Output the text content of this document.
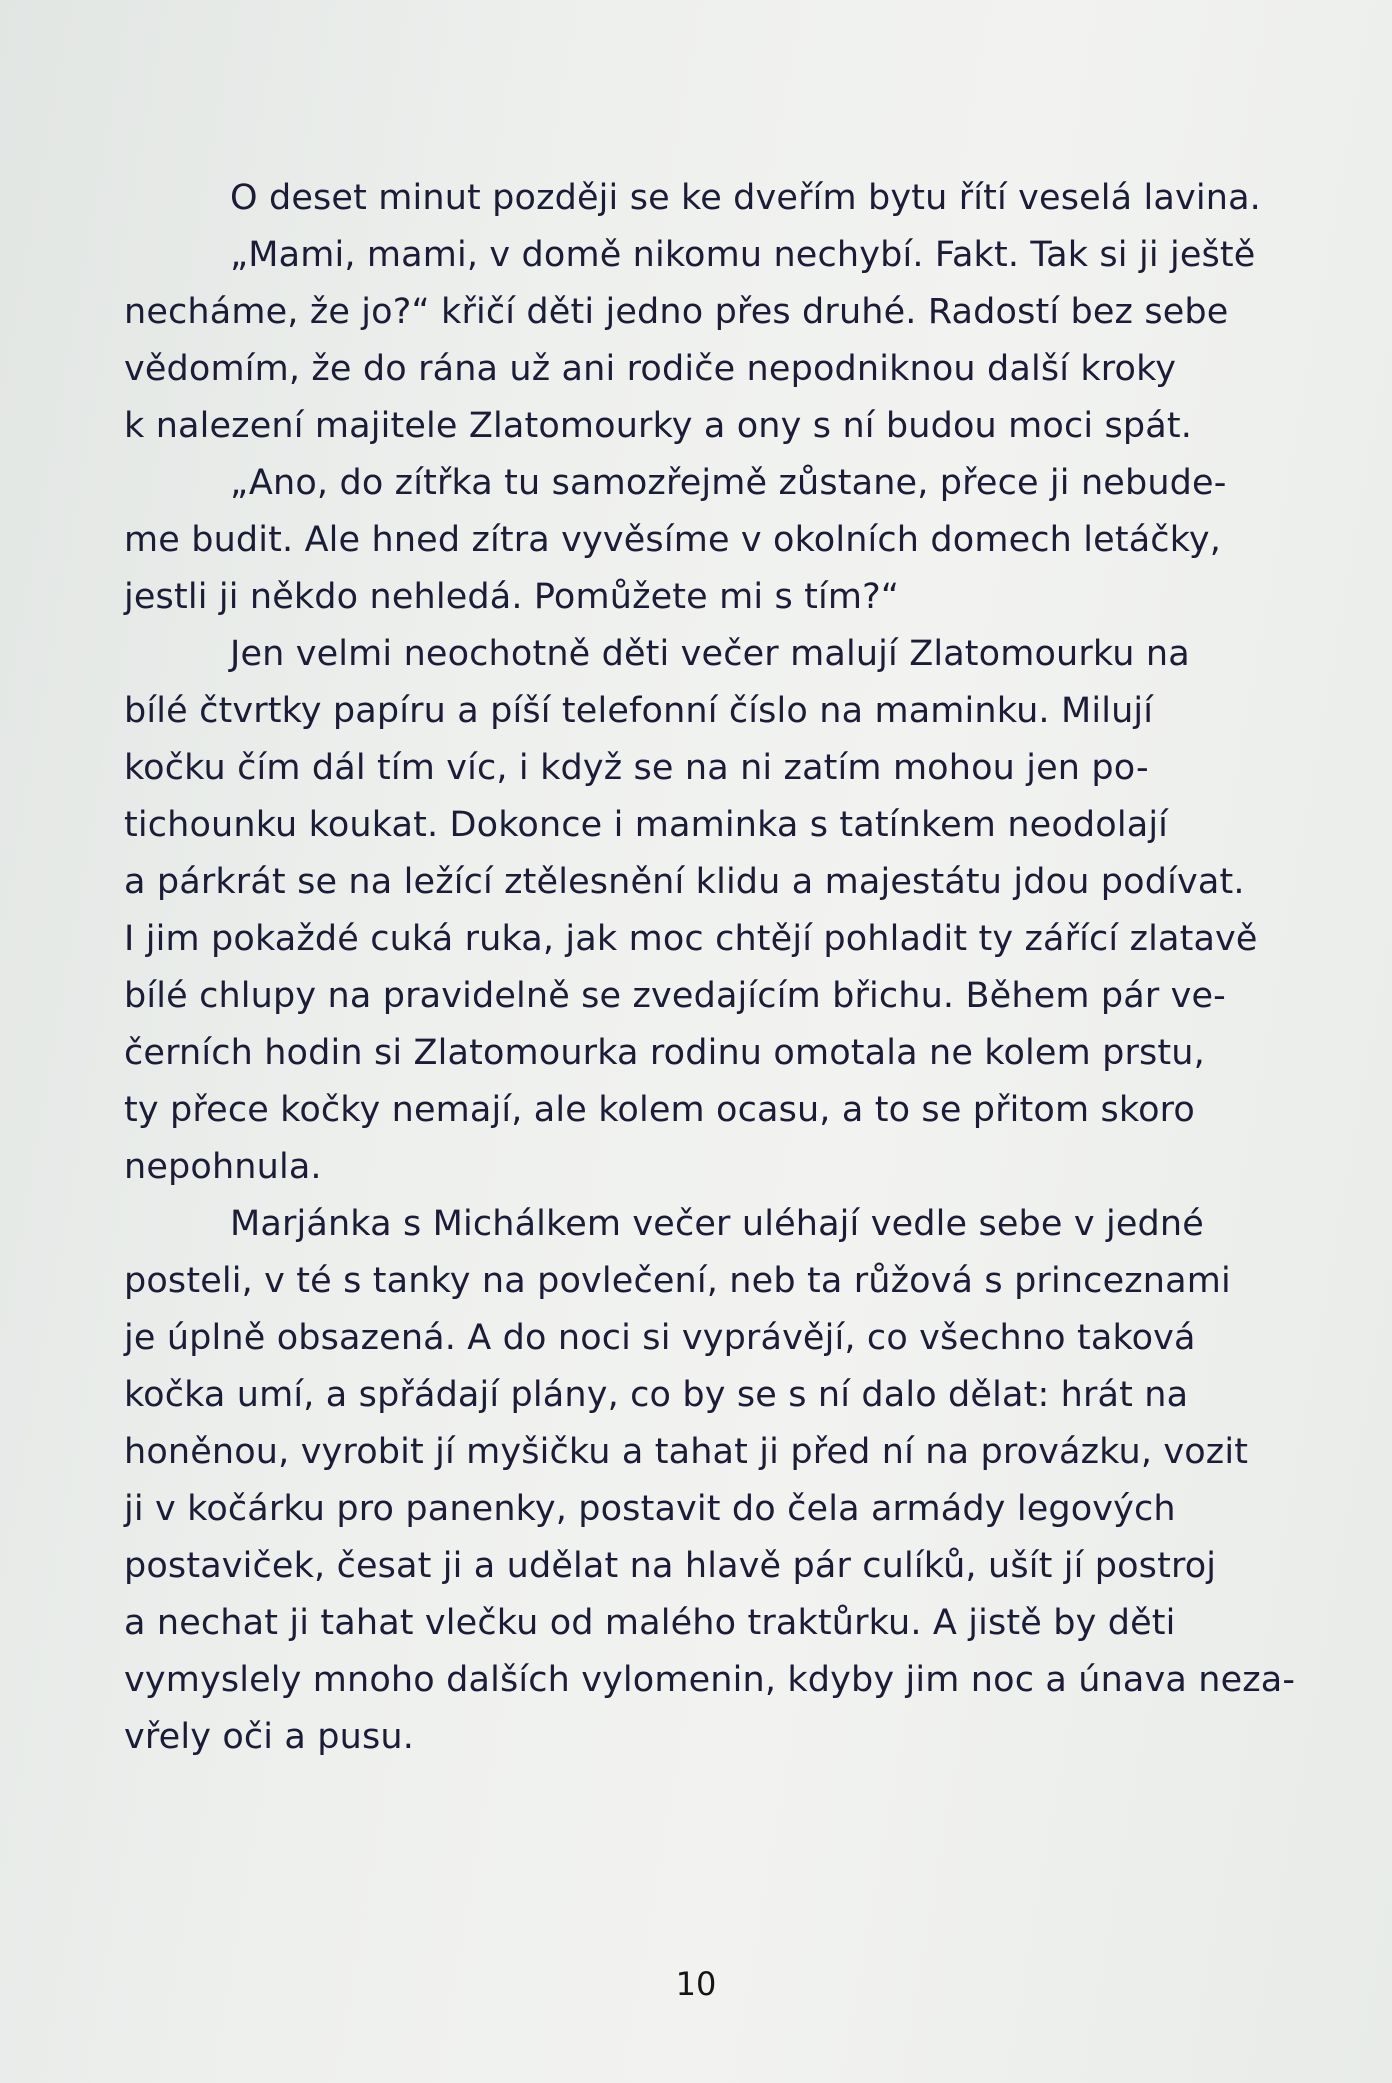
O deset minut později se ke dveřím bytu řítí veselá lavina.
„Mami, mami, v domě nikomu nechybí. Fakt. Tak si ji ještě
necháme, že jo?“ křičí děti jedno přes druhé. Radostí bez sebe
vědomím, že do rána už ani rodiče nepodniknou další kroky
k nalezení majitele Zlatomourky a ony s ní budou moci spát.
„Ano, do zítřka tu samozřejmě zůstane, přece ji nebude-
me budit. Ale hned zítra vyvěsíme v okolních domech letáčky,
jestli ji někdo nehledá. Pomůžete mi s tím?“
Jen velmi neochotně děti večer malují Zlatomourku na
bílé čtvrtky papíru a píší telefonní číslo na maminku. Milují
kočku čím dál tím víc, i když se na ni zatím mohou jen po-
tichounku koukat. Dokonce i maminka s tatínkem neodolají
a párkrát se na ležící ztělesnění klidu a majestátu jdou podívat.
I jim pokaždé cuká ruka, jak moc chtějí pohladit ty zářící zlatavě
bílé chlupy na pravidelně se zvedajícím břichu. Během pár ve-
černích hodin si Zlatomourka rodinu omotala ne kolem prstu,
ty přece kočky nemají, ale kolem ocasu, a to se přitom skoro
nepohnula.
Marjánka s Michálkem večer uléhají vedle sebe v jedné
posteli, v té s tanky na povlečení, neb ta růžová s princeznami
je úplně obsazená. A do noci si vyprávějí, co všechno taková
kočka umí, a spřádají plány, co by se s ní dalo dělat: hrát na
honěnou, vyrobit jí myšičku a tahat ji před ní na provázku, vozit
ji v kočárku pro panenky, postavit do čela armády legových
postaviček, česat ji a udělat na hlavě pár culíků, ušít jí postroj
a nechat ji tahat vlečku od malého traktůrku. A jistě by děti
vymyslely mnoho dalších vylomenin, kdyby jim noc a únava neza-
vřely oči a pusu.
10
